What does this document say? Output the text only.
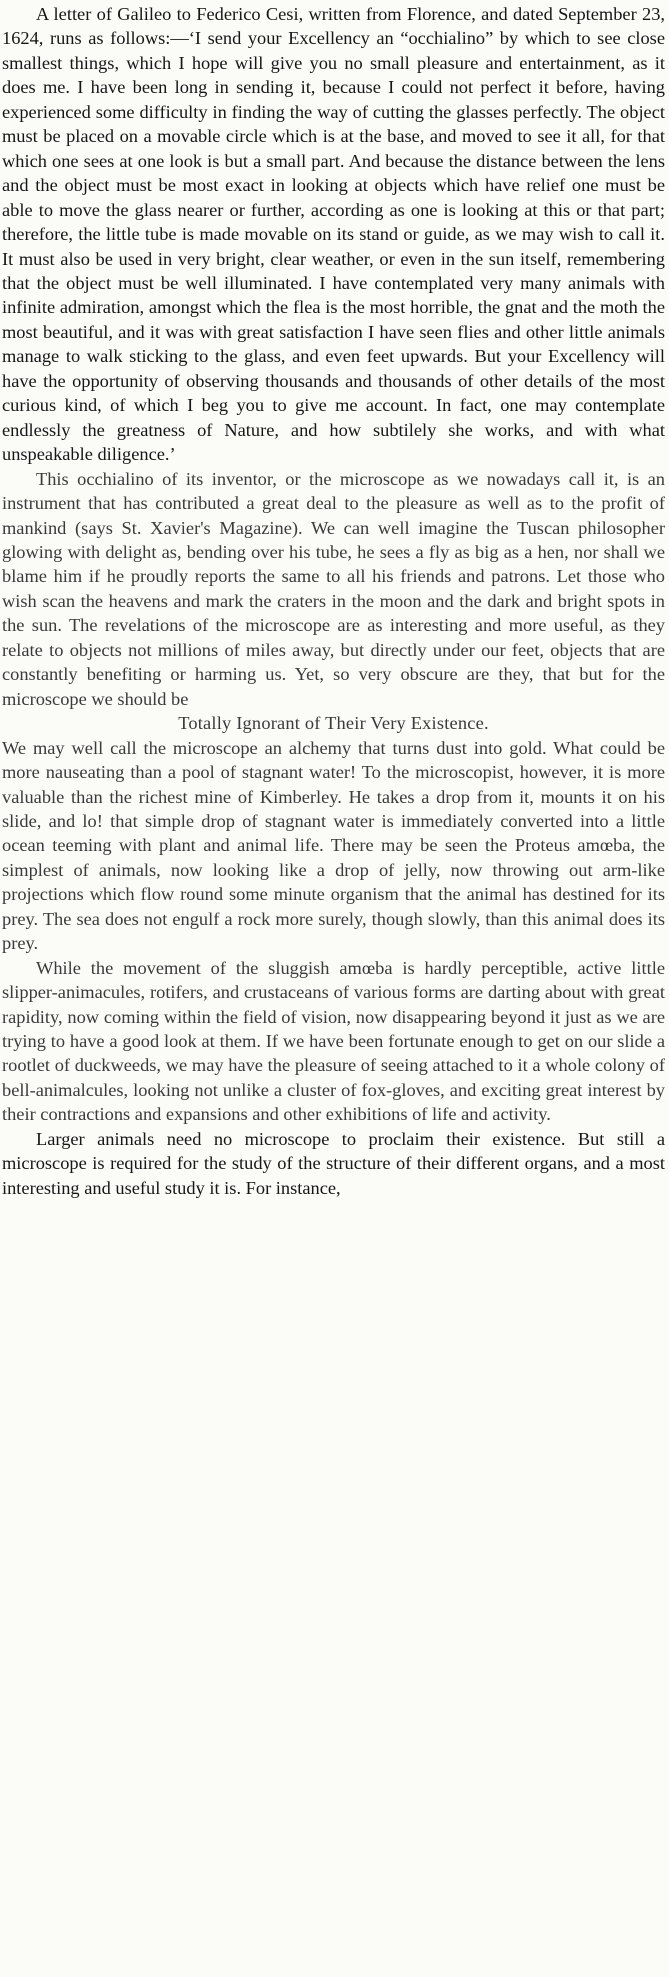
A letter of Galileo to Federico Cesi, written from Florence, and dated September 23, 1624, runs as follows:—‘I send your Excellency an “occhialino” by which to see close smallest things, which I hope will give you no small pleasure and entertainment, as it does me. I have been long in sending it, because I could not perfect it before, having experienced some difficulty in finding the way of cutting the glasses perfectly. The object must be placed on a movable circle which is at the base, and moved to see it all, for that which one sees at one look is but a small part. And because the distance between the lens and the object must be most exact in looking at objects which have relief one must be able to move the glass nearer or further, according as one is looking at this or that part; therefore, the little tube is made movable on its stand or guide, as we may wish to call it. It must also be used in very bright, clear weather, or even in the sun itself, remembering that the object must be well illuminated. I have contemplated very many animals with infinite admiration, amongst which the flea is the most horrible, the gnat and the moth the most beautiful, and it was with great satisfaction I have seen flies and other little animals manage to walk sticking to the glass, and even feet upwards. But your Excellency will have the opportunity of observing thousands and thousands of other details of the most curious kind, of which I beg you to give me account. In fact, one may contemplate endlessly the greatness of Nature, and how subtilely she works, and with what unspeakable diligence.’

This occhialino of its inventor, or the microscope as we nowadays call it, is an instrument that has contributed a great deal to the pleasure as well as to the profit of mankind (says St. Xavier's Magazine). We can well imagine the Tuscan philosopher glowing with delight as, bending over his tube, he sees a fly as big as a hen, nor shall we blame him if he proudly reports the same to all his friends and patrons. Let those who wish scan the heavens and mark the craters in the moon and the dark and bright spots in the sun. The revelations of the microscope are as interesting and more useful, as they relate to objects not millions of miles away, but directly under our feet, objects that are constantly benefiting or harming us. Yet, so very obscure are they, that but for the microscope we should be

Totally Ignorant of Their Very Existence.

We may well call the microscope an alchemy that turns dust into gold. What could be more nauseating than a pool of stagnant water! To the microscopist, however, it is more valuable than the richest mine of Kimberley. He takes a drop from it, mounts it on his slide, and lo! that simple drop of stagnant water is immediately converted into a little ocean teeming with plant and animal life. There may be seen the Proteus amœba, the simplest of animals, now looking like a drop of jelly, now throwing out arm-like projections which flow round some minute organism that the animal has destined for its prey. The sea does not engulf a rock more surely, though slowly, than this animal does its prey.

While the movement of the sluggish amœba is hardly perceptible, active little slipper-animacules, rotifers, and crustaceans of various forms are darting about with great rapidity, now coming within the field of vision, now disappearing beyond it just as we are trying to have a good look at them. If we have been fortunate enough to get on our slide a rootlet of duckweeds, we may have the pleasure of seeing attached to it a whole colony of bell-animalcules, looking not unlike a cluster of fox-gloves, and exciting great interest by their contractions and expansions and other exhibitions of life and activity.

Larger animals need no microscope to proclaim their existence. But still a microscope is required for the study of the structure of their different organs, and a most interesting and useful study it is. For instance,
